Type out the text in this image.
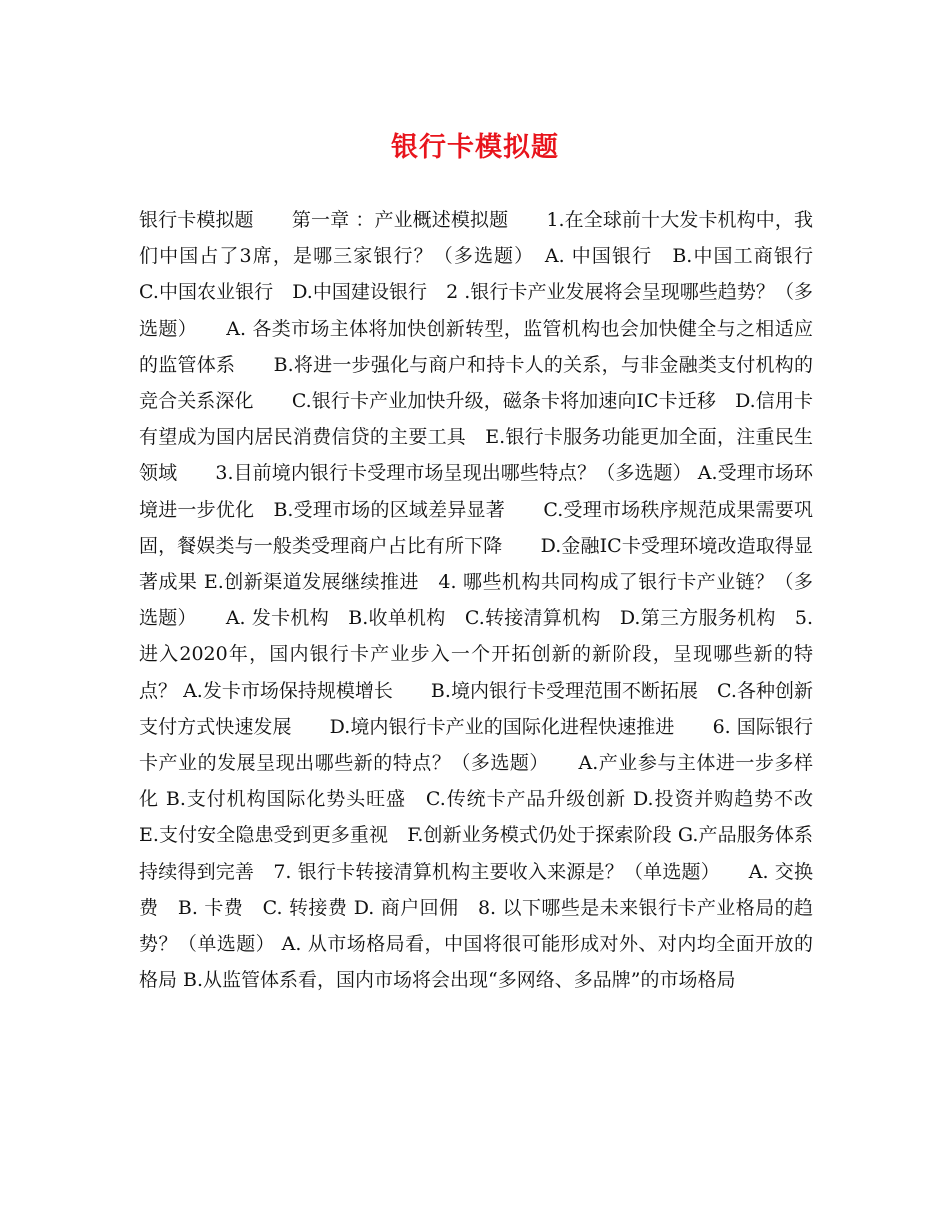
银行卡模拟题

银行卡模拟题　　第一章 ：产业概述模拟题　　1.在全球前十大发卡机构中，我们中国占了3席，是哪三家银行？（多选题）　A. 中国银行　B.中国工商银行　C.中国农业银行　D.中国建设银行　2 .银行卡产业发展将会呈现哪些趋势？（多选题）　　A. 各类市场主体将加快创新转型，监管机构也会加快健全与之相适应的监管体系　　B.将进一步强化与商户和持卡人的关系，与非金融类支付机构的竞合关系深化　　C.银行卡产业加快升级，磁条卡将加速向IC卡迁移　D.信用卡有望成为国内居民消费信贷的主要工具　E.银行卡服务功能更加全面，注重民生领域　　3.目前境内银行卡受理市场呈现出哪些特点？（多选题） A.受理市场环境进一步优化　B.受理市场的区域差异显著　　C.受理市场秩序规范成果需要巩固，餐娱类与一般类受理商户占比有所下降　　D.金融IC卡受理环境改造取得显著成果 E.创新渠道发展继续推进　4. 哪些机构共同构成了银行卡产业链？（多选题）　　A. 发卡机构　B.收单机构　C.转接清算机构　D.第三方服务机构　5. 进入2020年，国内银行卡产业步入一个开拓创新的新阶段，呈现哪些新的特点？ A.发卡市场保持规模增长　　B.境内银行卡受理范围不断拓展　C.各种创新支付方式快速发展　　D.境内银行卡产业的国际化进程快速推进　　6. 国际银行卡产业的发展呈现出哪些新的特点？（多选题）　　A.产业参与主体进一步多样化 B.支付机构国际化势头旺盛　C.传统卡产品升级创新 D.投资并购趋势不改　　E.支付安全隐患受到更多重视　F.创新业务模式仍处于探索阶段 G.产品服务体系持续得到完善　7. 银行卡转接清算机构主要收入来源是？（单选题）　　A. 交换费　B. 卡费　C. 转接费 D. 商户回佣　8. 以下哪些是未来银行卡产业格局的趋势？（单选题） A. 从市场格局看，中国将很可能形成对外、对内均全面开放的格局 B.从监管体系看，国内市场将会出现“多网络、多品牌”的市场格局
